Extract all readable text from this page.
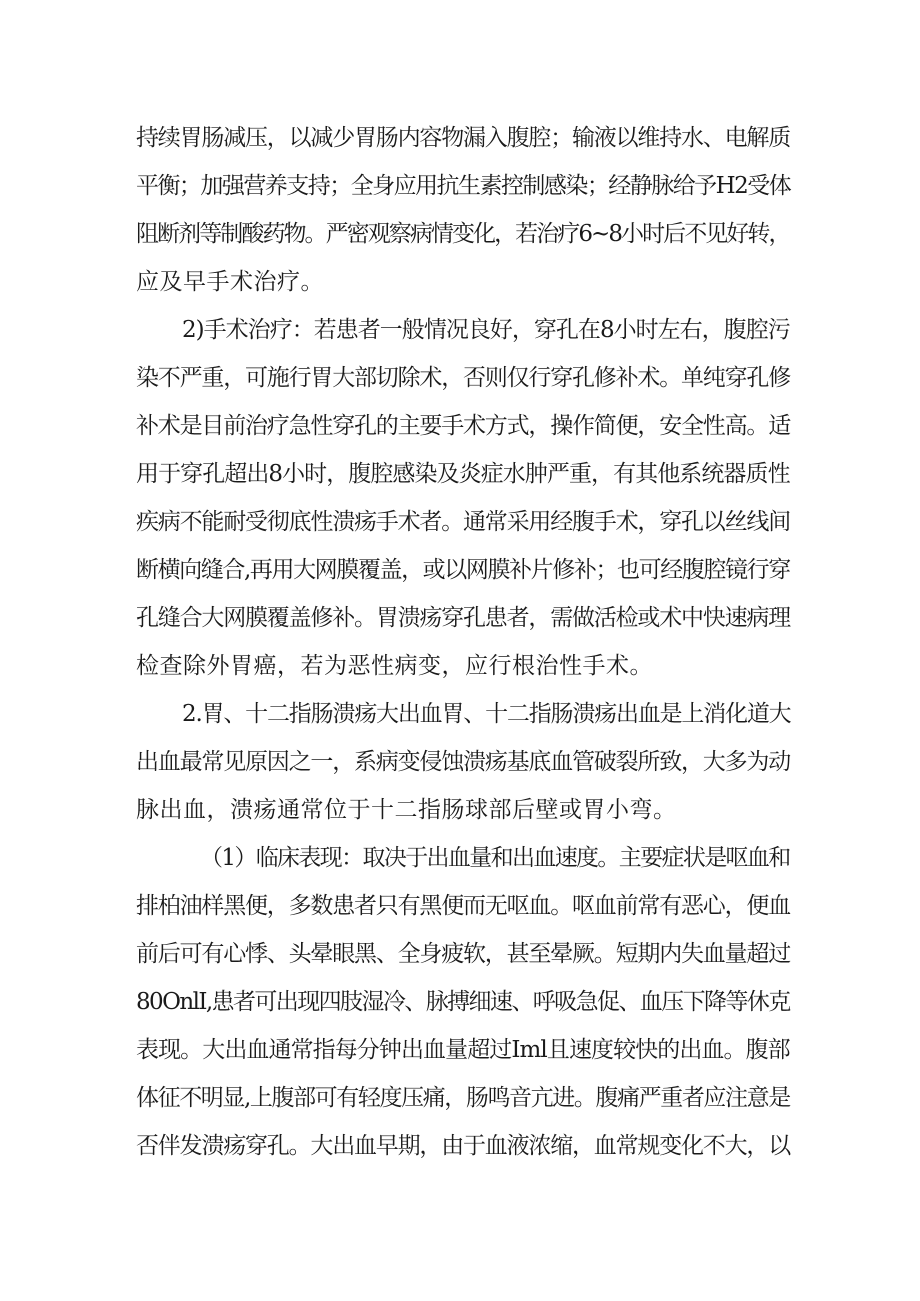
持续胃肠减压，以减少胃肠内容物漏入腹腔；输液以维持水、电解质
平衡；加强营养支持；全身应用抗生素控制感染；经静脉给予H2受体
阻断剂等制酸药物。严密观察病情变化，若治疗6~8小时后不见好转，
应及早手术治疗。
2)手术治疗：若患者一般情况良好，穿孔在8小时左右，腹腔污
染不严重，可施行胃大部切除术，否则仅行穿孔修补术。单纯穿孔修
补术是目前治疗急性穿孔的主要手术方式，操作简便，安全性高。适
用于穿孔超出8小时，腹腔感染及炎症水肿严重，有其他系统器质性
疾病不能耐受彻底性溃疡手术者。通常采用经腹手术，穿孔以丝线间
断横向缝合,再用大网膜覆盖，或以网膜补片修补；也可经腹腔镜行穿
孔缝合大网膜覆盖修补。胃溃疡穿孔患者，需做活检或术中快速病理
检查除外胃癌，若为恶性病变，应行根治性手术。
2.胃、十二指肠溃疡大出血胃、十二指肠溃疡出血是上消化道大
出血最常见原因之一，系病变侵蚀溃疡基底血管破裂所致，大多为动
脉出血，溃疡通常位于十二指肠球部后壁或胃小弯。
（1）临床表现：取决于出血量和出血速度。主要症状是呕血和
排柏油样黑便，多数患者只有黑便而无呕血。呕血前常有恶心，便血
前后可有心悸、头晕眼黑、全身疲软，甚至晕厥。短期内失血量超过
80OnlI,患者可出现四肢湿冷、脉搏细速、呼吸急促、血压下降等休克
表现。大出血通常指每分钟出血量超过Iml且速度较快的出血。腹部
体征不明显,上腹部可有轻度压痛，肠鸣音亢进。腹痛严重者应注意是
否伴发溃疡穿孔。大出血早期，由于血液浓缩，血常规变化不大，以
